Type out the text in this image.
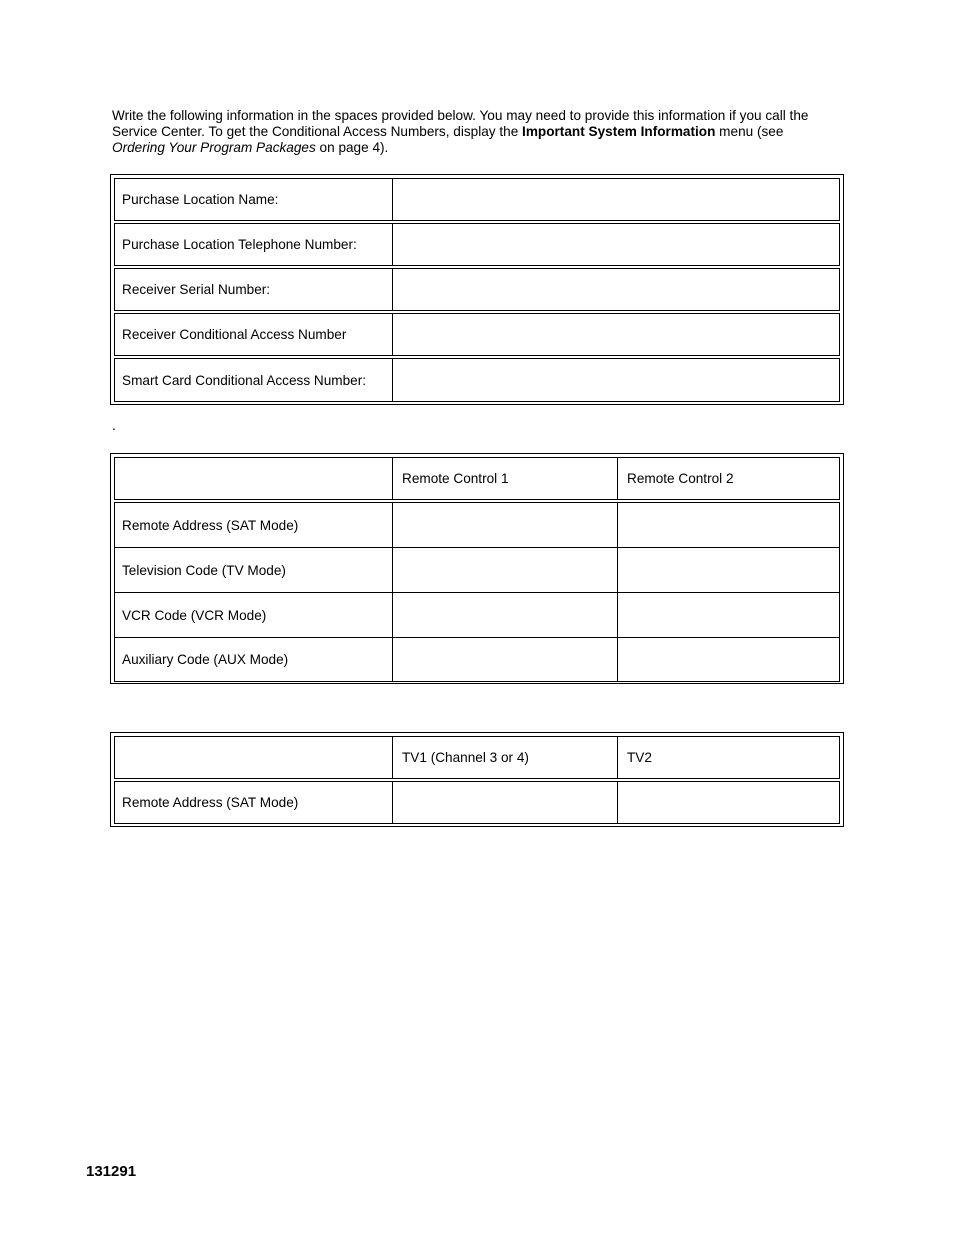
Write the following information in the spaces provided below. You may need to provide this information if you call the Service Center. To get the Conditional Access Numbers, display the Important System Information menu (see Ordering Your Program Packages on page 4).
Purchase Location Name:	

Purchase Location Telephone Number:	

Receiver Serial Number:	

Receiver Conditional Access Number	

Smart Card Conditional Access Number:	
.
	Remote Control 1	Remote Control 2

Remote Address (SAT Mode)		
Television Code (TV Mode)		
VCR Code (VCR Mode)		
Auxiliary Code (AUX Mode)		
	TV1 (Channel 3 or 4)	TV2

Remote Address (SAT Mode)		
131291
